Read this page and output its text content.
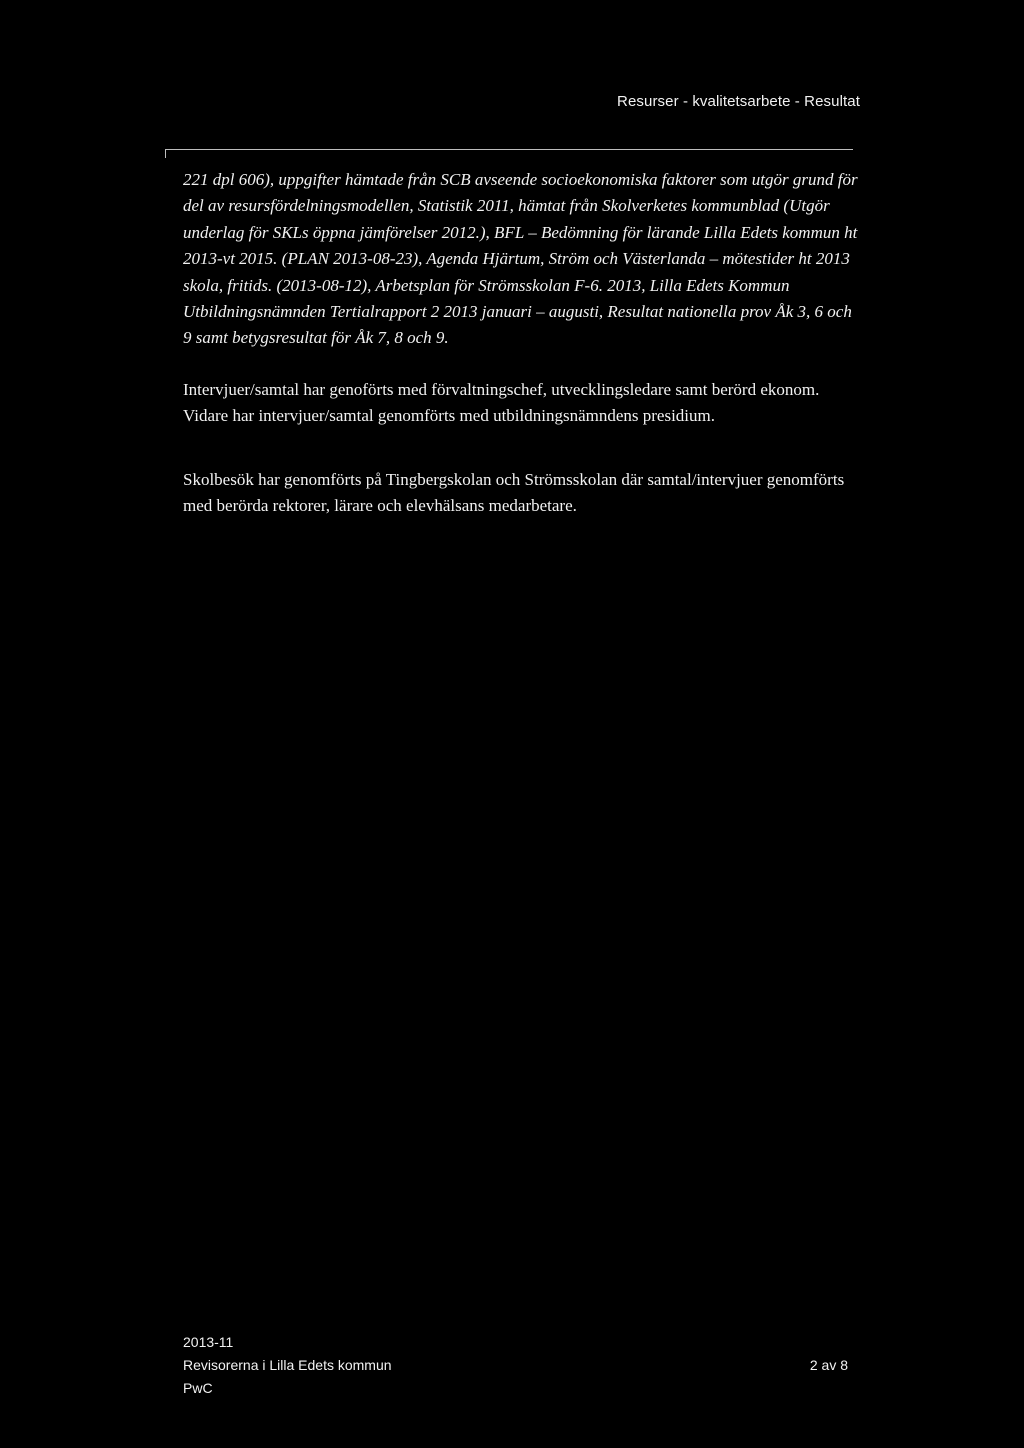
Resurser - kvalitetsarbete - Resultat

221 dpl 606), uppgifter hämtade från SCB avseende socioekonomiska faktorer som utgör grund för del av resursfördelningsmodellen, Statistik 2011, hämtat från Skolverketes kommunblad (Utgör underlag för SKLs öppna jämförelser 2012.), BFL – Bedömning för lärande Lilla Edets kommun ht 2013-vt 2015. (PLAN 2013-08-23), Agenda Hjärtum, Ström och Västerlanda – mötestider ht 2013 skola, fritids. (2013-08-12), Arbetsplan för Strömsskolan F-6. 2013, Lilla Edets Kommun Utbildningsnämnden Tertialrapport 2 2013 januari – augusti, Resultat nationella prov Åk 3, 6 och 9 samt betygsresultat för Åk 7, 8 och 9.

Intervjuer/samtal har genoförts med förvaltningschef, utvecklingsledare samt berörd ekonom. Vidare har intervjuer/samtal genomförts med utbildningsnämndens presidium.

Skolbesök har genomförts på Tingbergskolan och Strömsskolan där samtal/intervjuer genomförts med berörda rektorer, lärare och elevhälsans medarbetare.

2013-11
Revisorerna i Lilla Edets kommun
PwC
2 av 8
